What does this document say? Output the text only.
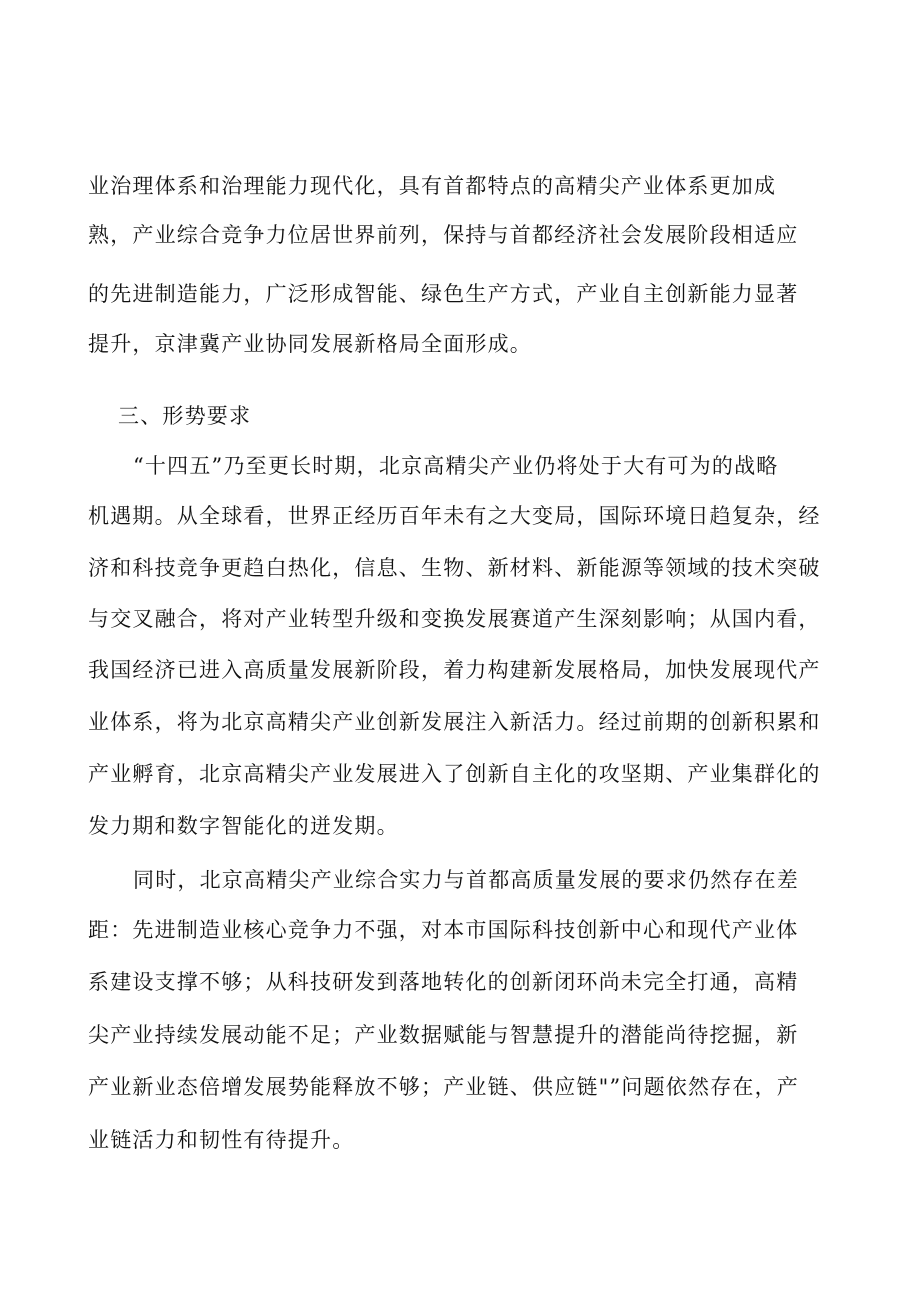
业治理体系和治理能力现代化，具有首都特点的高精尖产业体系更加成
熟，产业综合竞争力位居世界前列，保持与首都经济社会发展阶段相适应
的先进制造能力，广泛形成智能、绿色生产方式，产业自主创新能力显著
提升，京津冀产业协同发展新格局全面形成。
三、形势要求
“十四五”乃至更长时期，北京高精尖产业仍将处于大有可为的战略
机遇期。从全球看，世界正经历百年未有之大变局，国际环境日趋复杂，经
济和科技竞争更趋白热化，信息、生物、新材料、新能源等领域的技术突破
与交叉融合，将对产业转型升级和变换发展赛道产生深刻影响；从国内看，
我国经济已进入高质量发展新阶段，着力构建新发展格局，加快发展现代产
业体系，将为北京高精尖产业创新发展注入新活力。经过前期的创新积累和
产业孵育，北京高精尖产业发展进入了创新自主化的攻坚期、产业集群化的
发力期和数字智能化的迸发期。
同时，北京高精尖产业综合实力与首都高质量发展的要求仍然存在差
距：先进制造业核心竞争力不强，对本市国际科技创新中心和现代产业体
系建设支撑不够；从科技研发到落地转化的创新闭环尚未完全打通，高精
尖产业持续发展动能不足；产业数据赋能与智慧提升的潜能尚待挖掘，新
产业新业态倍增发展势能释放不够；产业链、供应链"”问题依然存在，产
业链活力和韧性有待提升。
